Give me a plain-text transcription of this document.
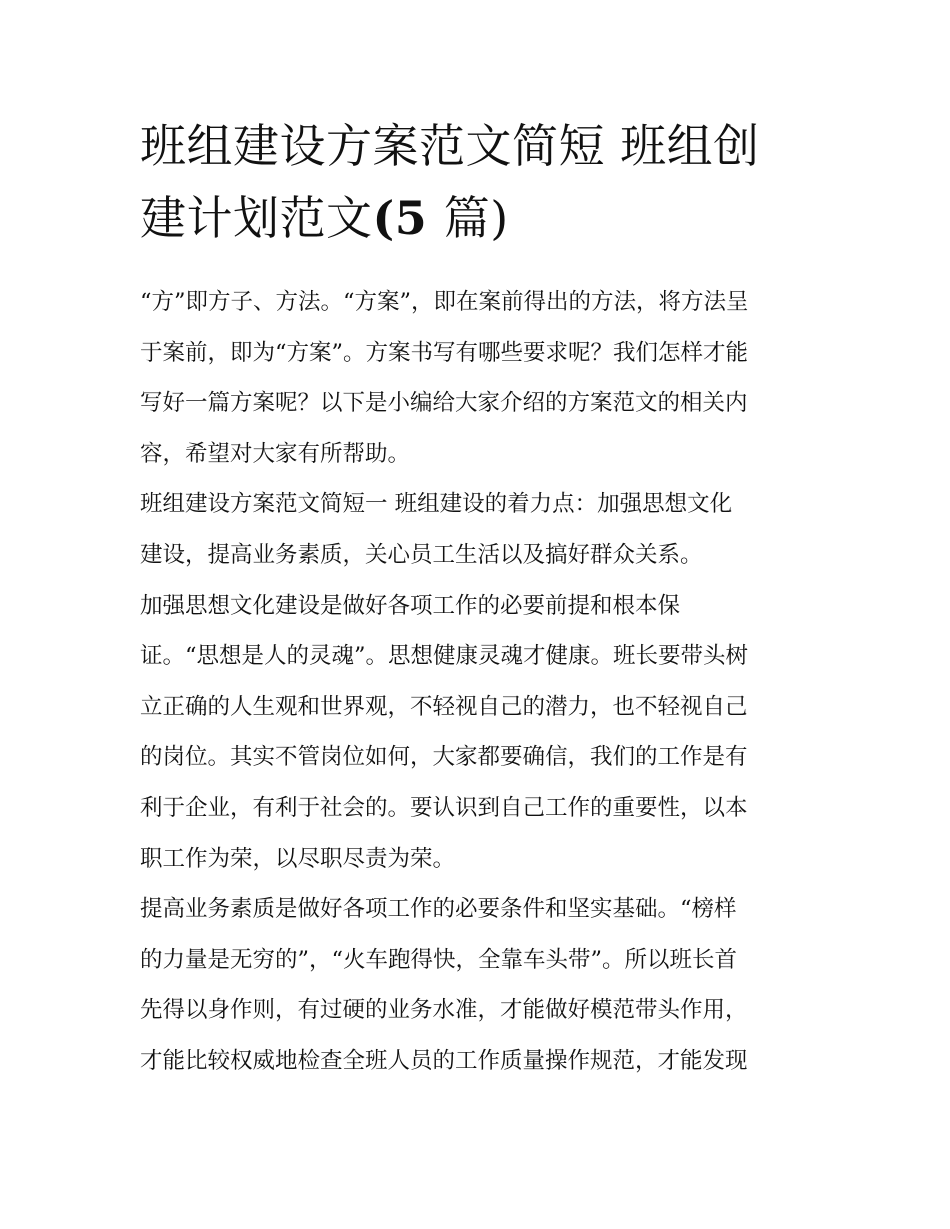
班组建设方案范文简短 班组创
建计划范文(5 篇)

“方”即方子、方法。“方案”，即在案前得出的方法，将方法呈
于案前，即为“方案”。方案书写有哪些要求呢？我们怎样才能
写好一篇方案呢？以下是小编给大家介绍的方案范文的相关内
容，希望对大家有所帮助。

班组建设方案范文简短一 班组建设的着力点：加强思想文化
建设，提高业务素质，关心员工生活以及搞好群众关系。

加强思想文化建设是做好各项工作的必要前提和根本保
证。“思想是人的灵魂”。思想健康灵魂才健康。班长要带头树
立正确的人生观和世界观，不轻视自己的潜力，也不轻视自己
的岗位。其实不管岗位如何，大家都要确信，我们的工作是有
利于企业，有利于社会的。要认识到自己工作的重要性，以本
职工作为荣，以尽职尽责为荣。

提高业务素质是做好各项工作的必要条件和坚实基础。“榜样
的力量是无穷的”，“火车跑得快，全靠车头带”。所以班长首
先得以身作则，有过硬的业务水准，才能做好模范带头作用，
才能比较权威地检查全班人员的工作质量操作规范，才能发现
